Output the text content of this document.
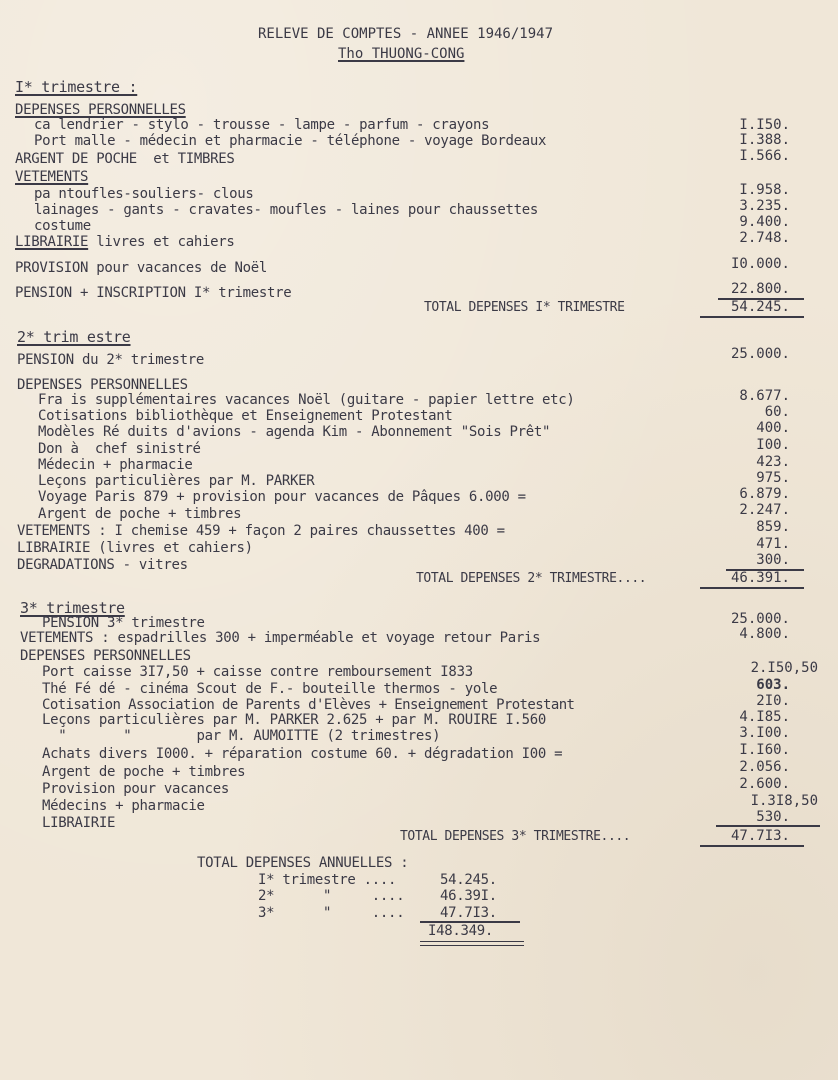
RELEVE DE COMPTES - ANNEE 1946/1947
Tho THUONG-CONG
I* trimestre :
DEPENSES PERSONNELLES
ca lendrier - stylo - trousse - lampe - parfum - crayons	I.I50.
Port malle - médecin et pharmacie - téléphone - voyage Bordeaux	I.388.
ARGENT DE POCHE  et TIMBRES	I.566.
VETEMENTS
pa ntoufles-souliers- clous	I.958.
lainages - gants - cravates- moufles - laines pour chaussettes	3.235.
costume	9.400.
LIBRAIRIE livres et cahiers	2.748.
PROVISION pour vacances de Noël	I0.000.
PENSION + INSCRIPTION I* trimestre	22.800.
TOTAL DEPENSES I* TRIMESTRE	54.245.
2* trim estre
PENSION du 2* trimestre	25.000.
DEPENSES PERSONNELLES
Fra is supplémentaires vacances Noël (guitare - papier lettre etc)	8.677.
Cotisations bibliothèque et Enseignement Protestant	60.
Modèles Ré duits d'avions - agenda Kim - Abonnement "Sois Prêt"	400.
Don à  chef sinistré	I00.
Médecin + pharmacie	423.
Leçons particulières par M. PARKER	975.
Voyage Paris 879 + provision pour vacances de Pâques 6.000 =	6.879.
Argent de poche + timbres	2.247.
VETEMENTS : I chemise 459 + façon 2 paires chaussettes 400 =	859.
LIBRAIRIE (livres et cahiers)	471.
DEGRADATIONS - vitres	300.
TOTAL DEPENSES 2* TRIMESTRE....	46.391.
3* trimestre
PENSION 3* trimestre	25.000.
VETEMENTS : espadrilles 300 + imperméable et voyage retour Paris	4.800.
DEPENSES PERSONNELLES
Port caisse 3I7,50 + caisse contre remboursement I833	2.I50,50
Thé Fé dé - cinéma Scout de F.- bouteille thermos - yole	603.
Cotisation Association de Parents d'Elèves + Enseignement Protestant	2I0.
Leçons particulières par M. PARKER 2.625 + par M. ROUIRE I.560	4.I85.
"       "        par M. AUMOITTE (2 trimestres)	3.I00.
Achats divers I000. + réparation costume 60. + dégradation I00 =	I.I60.
Argent de poche + timbres	2.056.
Provision pour vacances	2.600.
Médecins + pharmacie	I.3I8,50
LIBRAIRIE	530.
TOTAL DEPENSES 3* TRIMESTRE....	47.7I3.
TOTAL DEPENSES ANNUELLES :
I* trimestre ....	54.245.
2*      "     ....	46.39I.
3*      "     ....	47.7I3.
I48.349.
